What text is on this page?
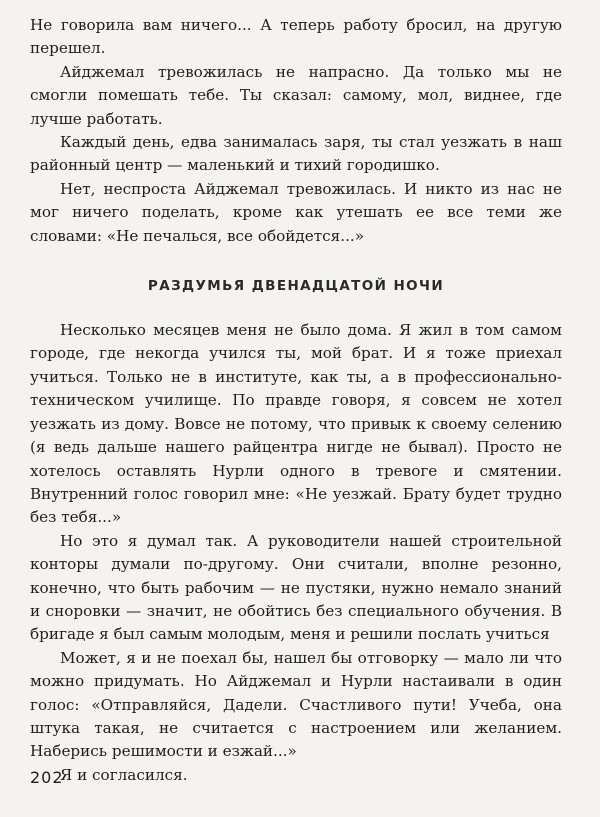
Не говорила вам ничего... А теперь работу бросил, на другую перешел.

Айджемал тревожилась не напрасно. Да только мы не смогли помешать тебе. Ты сказал: самому, мол, виднее, где лучше работать.

Каждый день, едва занималась заря, ты стал уезжать в наш районный центр — маленький и тихий городишко.

Нет, неспроста Айджемал тревожилась. И никто из нас не мог ничего поделать, кроме как утешать ее все теми же словами: «Не печалься, все обойдется...»

РАЗДУМЬЯ ДВЕНАДЦАТОЙ НОЧИ

Несколько месяцев меня не было дома. Я жил в том самом городе, где некогда учился ты, мой брат. И я тоже приехал учиться. Только не в институте, как ты, а в профессионально-техническом училище. По правде говоря, я совсем не хотел уезжать из дому. Вовсе не потому, что привык к своему селению (я ведь дальше нашего райцентра нигде не бывал). Просто не хотелось оставлять Нурли одного в тревоге и смятении. Внутренний голос говорил мне: «Не уезжай. Брату будет трудно без тебя...»

Но это я думал так. А руководители нашей строительной конторы думали по-другому. Они считали, вполне резонно, конечно, что быть рабочим — не пустяки, нужно немало знаний и сноровки — значит, не обойтись без специального обучения. В бригаде я был самым молодым, меня и решили послать учиться

Может, я и не поехал бы, нашел бы отговорку — мало ли что можно придумать. Но Айджемал и Нурли настаивали в один голос: «Отправляйся, Дадели. Счастливого пути! Учеба, она штука такая, не считается с настроением или желанием. Наберись решимости и езжай...»

Я и согласился.

202
